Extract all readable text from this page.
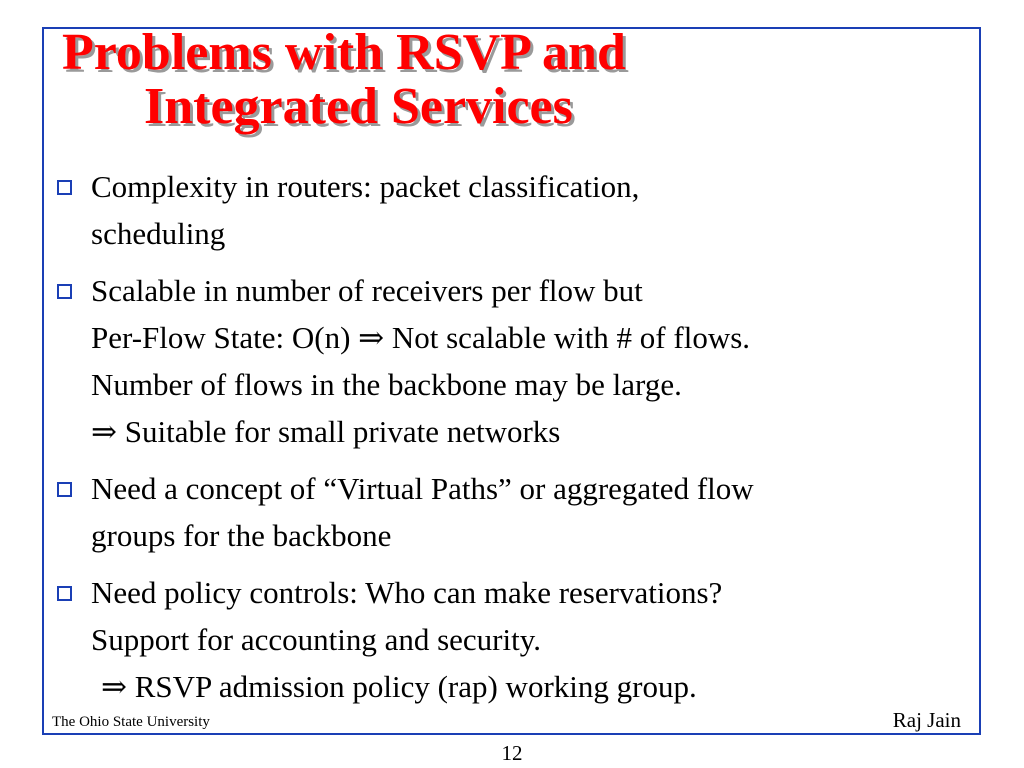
Problems with RSVP and
Integrated Services
Complexity in routers: packet classification,
scheduling
Scalable in number of receivers per flow but
Per-Flow State: O(n) ⇒ Not scalable with # of flows.
Number of flows in the backbone may be large.
⇒ Suitable for small private networks
Need a concept of “Virtual Paths” or aggregated flow
groups for the backbone
Need policy controls: Who can make reservations?
Support for accounting and security.
⇒ RSVP admission policy (rap) working group.
The Ohio State University	Raj Jain
12
